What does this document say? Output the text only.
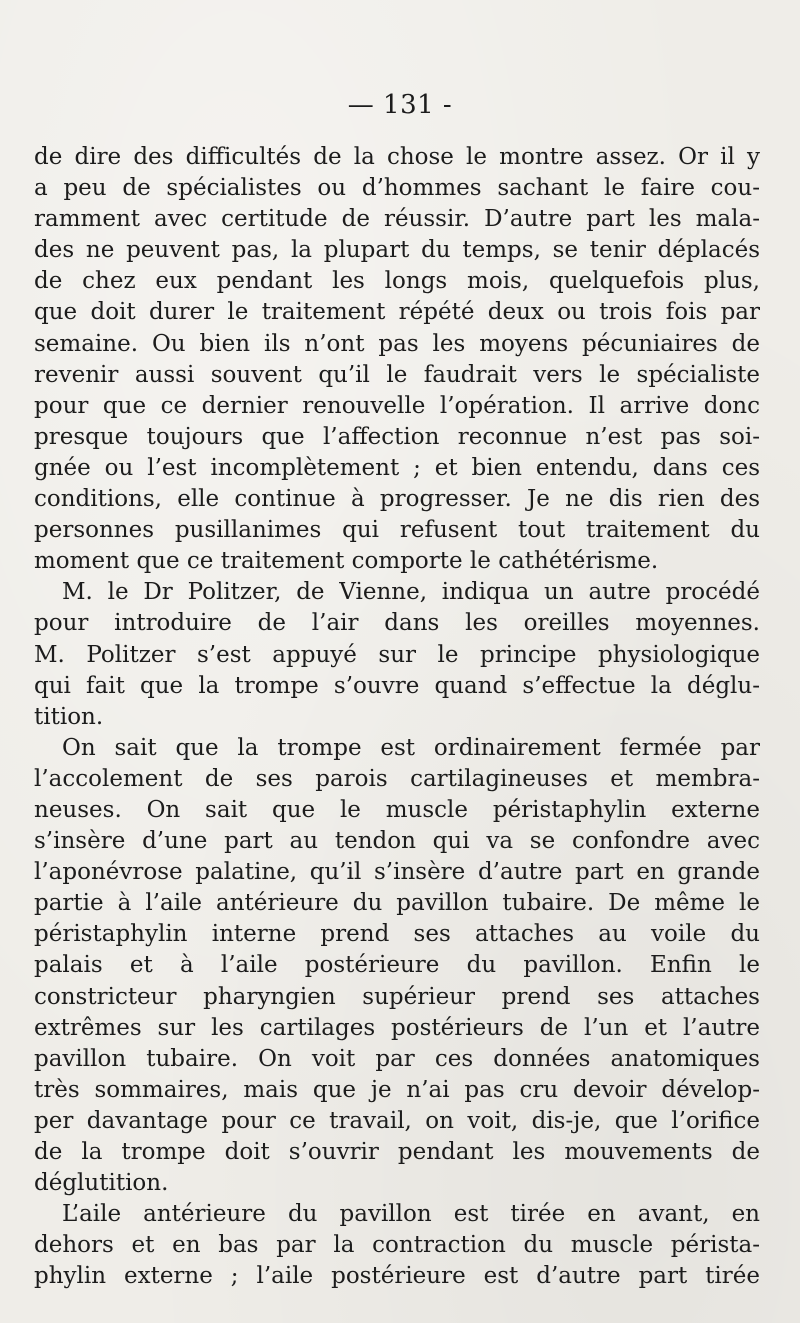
— 131 -

de dire des difficultés de la chose le montre assez. Or il y
a peu de spécialistes ou d’hommes sachant le faire cou-
ramment avec certitude de réussir. D’autre part les mala-
des ne peuvent pas, la plupart du temps, se tenir déplacés
de chez eux pendant les longs mois, quelquefois plus,
que doit durer le traitement répété deux ou trois fois par
semaine. Ou bien ils n’ont pas les moyens pécuniaires de
revenir aussi souvent qu’il le faudrait vers le spécialiste
pour que ce dernier renouvelle l’opération. Il arrive donc
presque toujours que l’affection reconnue n’est pas soi-
gnée ou l’est incomplètement ; et bien entendu, dans ces
conditions, elle continue à progresser. Je ne dis rien des
personnes pusillanimes qui refusent tout traitement du
moment que ce traitement comporte le cathétérisme.
M. le Dr Politzer, de Vienne, indiqua un autre procédé
pour introduire de l’air dans les oreilles moyennes.
M. Politzer s’est appuyé sur le principe physiologique
qui fait que la trompe s’ouvre quand s’effectue la déglu-
tition.
On sait que la trompe est ordinairement fermée par
l’accolement de ses parois cartilagineuses et membra-
neuses. On sait que le muscle péristaphylin externe
s’insère d’une part au tendon qui va se confondre avec
l’aponévrose palatine, qu’il s’insère d’autre part en grande
partie à l’aile antérieure du pavillon tubaire. De même le
péristaphylin interne prend ses attaches au voile du
palais et à l’aile postérieure du pavillon. Enfin le
constricteur pharyngien supérieur prend ses attaches
extrêmes sur les cartilages postérieurs de l’un et l’autre
pavillon tubaire. On voit par ces données anatomiques
très sommaires, mais que je n’ai pas cru devoir dévelop-
per davantage pour ce travail, on voit, dis-je, que l’orifice
de la trompe doit s’ouvrir pendant les mouvements de
déglutition.
L’aile antérieure du pavillon est tirée en avant, en
dehors et en bas par la contraction du muscle pérista-
phylin externe ; l’aile postérieure est d’autre part tirée
